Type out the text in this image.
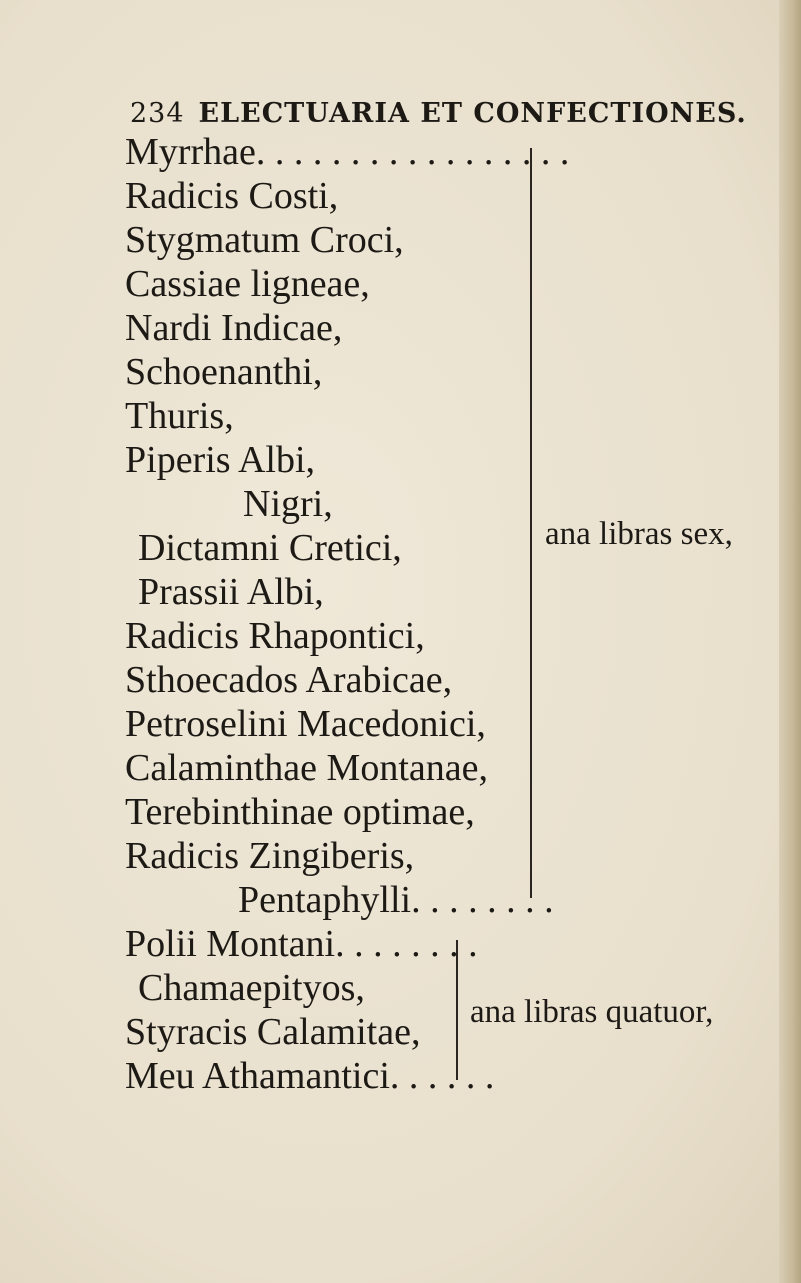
234 ELECTUARIA ET CONFECTIONES.
Myrrhae. . . . . . . . . . . . . . . . .
Radicis Costi,
Stygmatum Croci,
Cassiae ligneae,
Nardi Indicae,
Schoenanthi,
Thuris,
Piperis Albi,
Nigri,
Dictamni Cretici,
Prassii Albi,
Radicis Rhapontici,
Sthoecados Arabicae,
Petroselini Macedonici,
Calaminthae Montanae,
Terebinthinae optimae,
Radicis Zingiberis,
Pentaphylli. . . . . . . .
ana libras sex,
Polii Montani. . . . . . . .
Chamaepityos,
Styracis Calamitae,
Meu Athamantici. . . . . .
ana libras quatuor,
